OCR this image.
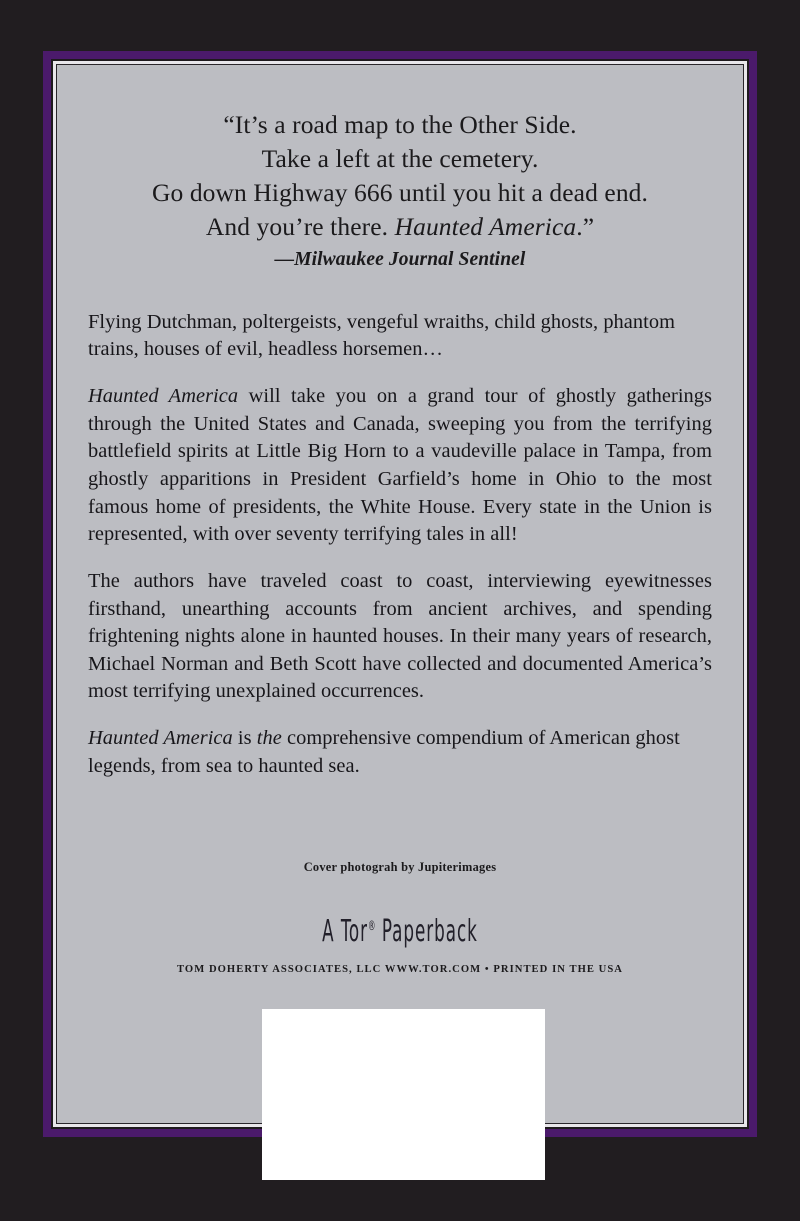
“It’s a road map to the Other Side.
Take a left at the cemetery.
Go down Highway 666 until you hit a dead end.
And you’re there. Haunted America.”
—Milwaukee Journal Sentinel

Flying Dutchman, poltergeists, vengeful wraiths, child ghosts, phantom trains, houses of evil, headless horsemen…

Haunted America will take you on a grand tour of ghostly gatherings through the United States and Canada, sweeping you from the terrifying battlefield spirits at Little Big Horn to a vaudeville palace in Tampa, from ghostly apparitions in President Garfield’s home in Ohio to the most famous home of presidents, the White House. Every state in the Union is represented, with over seventy terrifying tales in all!

The authors have traveled coast to coast, interviewing eyewitnesses firsthand, unearthing accounts from ancient archives, and spending frightening nights alone in haunted houses. In their many years of research, Michael Norman and Beth Scott have collected and documented America’s most terrifying unexplained occurrences.

Haunted America is the comprehensive compendium of American ghost legends, from sea to haunted sea.

Cover photograh by Jupiterimages

A Tor® Paperback

TOM DOHERTY ASSOCIATES, LLC WWW.TOR.COM • PRINTED IN THE USA
